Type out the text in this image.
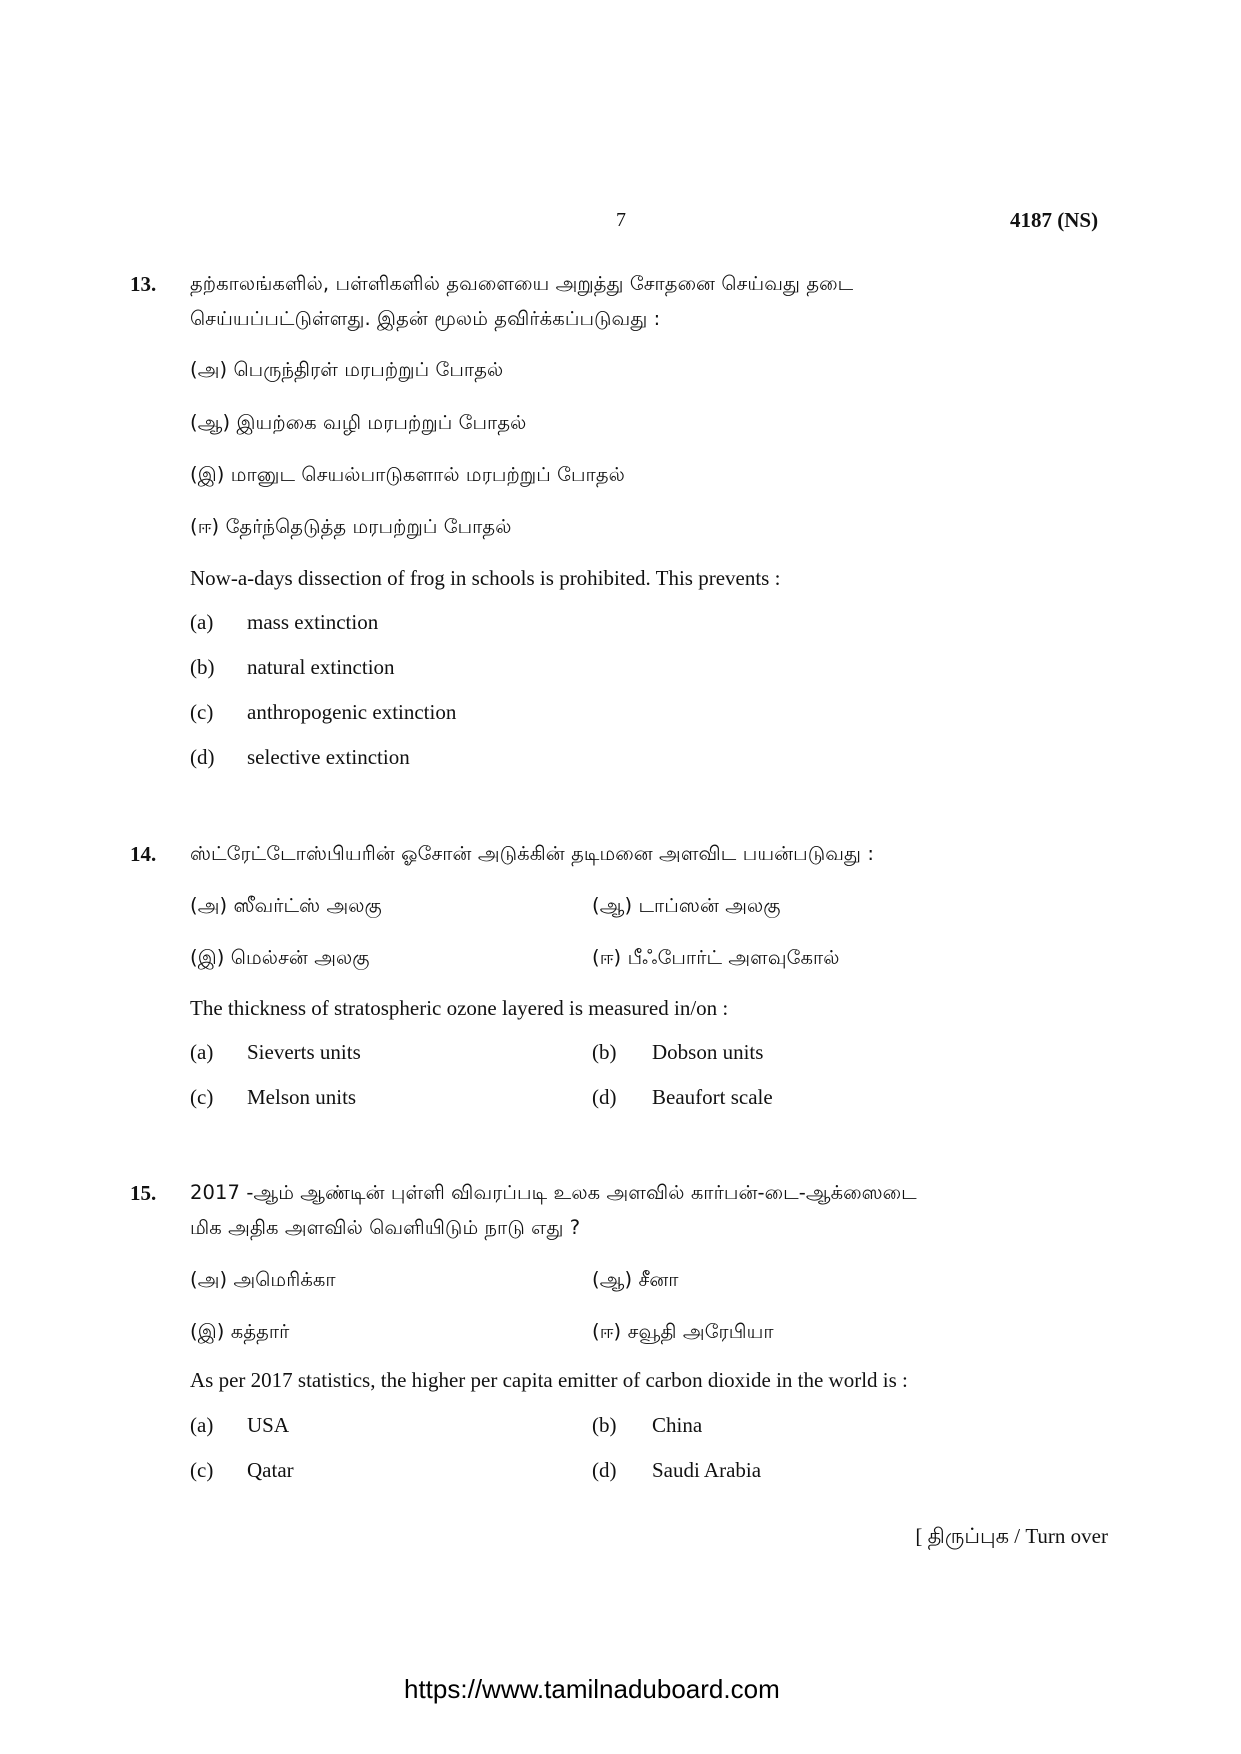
7	4187 (NS)
13. தற்காலங்களில், பள்ளிகளில் தவளையை அறுத்து சோதனை செய்வது தடை
செய்யப்பட்டுள்ளது. இதன் மூலம் தவிர்க்கப்படுவது :
(அ) பெருந்திரள் மரபற்றுப் போதல்
(ஆ) இயற்கை வழி மரபற்றுப் போதல்
(இ) மானுட செயல்பாடுகளால் மரபற்றுப் போதல்
(ஈ) தேர்ந்தெடுத்த மரபற்றுப் போதல்
Now-a-days dissection of frog in schools is prohibited. This prevents :
(a) mass extinction
(b) natural extinction
(c) anthropogenic extinction
(d) selective extinction
14. ஸ்ட்ரேட்டோஸ்பியரின் ஓசோன் அடுக்கின் தடிமனை அளவிட பயன்படுவது :
(அ) ஸீவர்ட்ஸ் அலகு	(ஆ) டாப்ஸன் அலகு
(இ) மெல்சன் அலகு	(ஈ) பீஃபோர்ட் அளவுகோல்
The thickness of stratospheric ozone layered is measured in/on :
(a) Sieverts units	(b) Dobson units
(c) Melson units	(d) Beaufort scale
15. 2017 -ஆம் ஆண்டின் புள்ளி விவரப்படி உலக அளவில் கார்பன்-டை-ஆக்ஸைடை
மிக அதிக அளவில் வெளியிடும் நாடு எது ?
(அ) அமெரிக்கா	(ஆ) சீனா
(இ) கத்தார்	(ஈ) சவூதி அரேபியா
As per 2017 statistics, the higher per capita emitter of carbon dioxide in the world is :
(a) USA	(b) China
(c) Qatar	(d) Saudi Arabia
[ திருப்புக / Turn over
https://www.tamilnaduboard.com
